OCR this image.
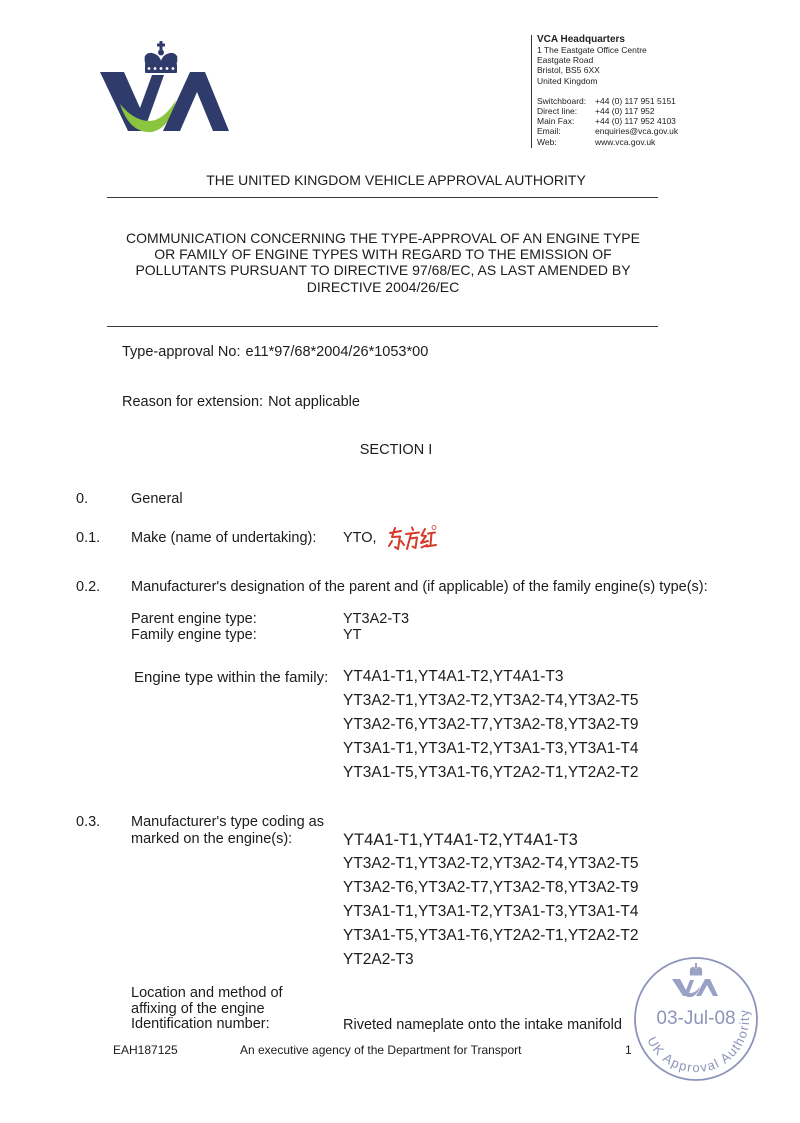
VCA Headquarters
1 The Eastgate Office Centre
Eastgate Road
Bristol, BS5 6XX
United Kingdom
Switchboard:	+44 (0) 117 951 5151
Direct line:	+44 (0) 117 952
Main Fax:	+44 (0) 117 952 4103
Email:	enquiries@vca.gov.uk
Web:	www.vca.gov.uk
THE UNITED KINGDOM VEHICLE APPROVAL AUTHORITY
COMMUNICATION CONCERNING THE TYPE-APPROVAL OF AN ENGINE TYPE
OR FAMILY OF ENGINE TYPES WITH REGARD TO THE EMISSION OF
POLLUTANTS PURSUANT TO DIRECTIVE 97/68/EC, AS LAST AMENDED BY
DIRECTIVE 2004/26/EC
Type-approval No: e11*97/68*2004/26*1053*00
Reason for extension: Not applicable
SECTION I
0.	General
0.1. Make (name of undertaking): YTO,
0.2. Manufacturer's designation of the parent and (if applicable) of the family engine(s) type(s):
Parent engine type:	YT3A2-T3
Family engine type:	YT
Engine type within the family: YT4A1-T1,YT4A1-T2,YT4A1-T3
YT3A2-T1,YT3A2-T2,YT3A2-T4,YT3A2-T5
YT3A2-T6,YT3A2-T7,YT3A2-T8,YT3A2-T9
YT3A1-T1,YT3A1-T2,YT3A1-T3,YT3A1-T4
YT3A1-T5,YT3A1-T6,YT2A2-T1,YT2A2-T2
0.3. Manufacturer's type coding as
marked on the engine(s):	YT4A1-T1,YT4A1-T2,YT4A1-T3
YT3A2-T1,YT3A2-T2,YT3A2-T4,YT3A2-T5
YT3A2-T6,YT3A2-T7,YT3A2-T8,YT3A2-T9
YT3A1-T1,YT3A1-T2,YT3A1-T3,YT3A1-T4
YT3A1-T5,YT3A1-T6,YT2A2-T1,YT2A2-T2
YT2A2-T3
Location and method of
affixing of the engine
Identification number:	Riveted nameplate onto the intake manifold
EAH187125	An executive agency of the Department for Transport	1
03-Jul-08
UK Approval Authority
